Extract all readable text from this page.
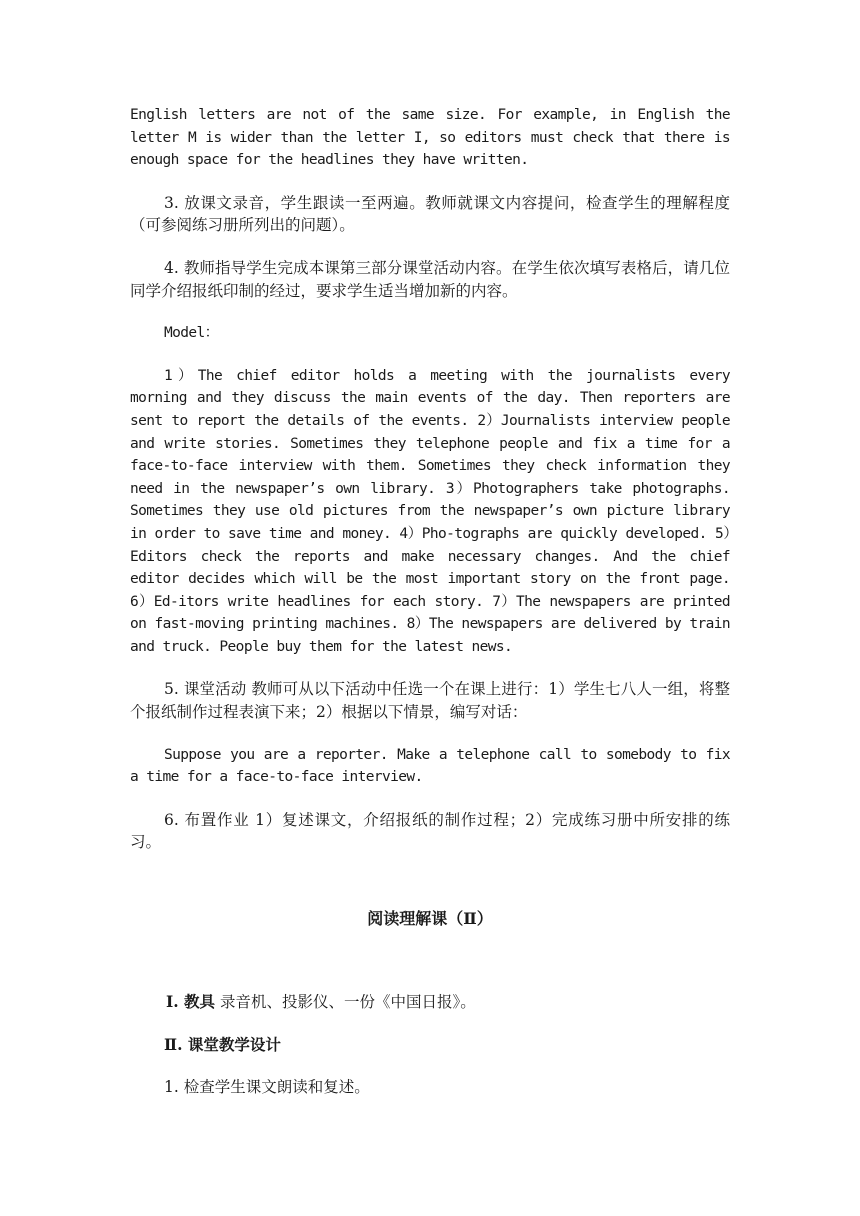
English letters are not of the same size. For example, in English the letter M is wider than the letter I, so editors must check that there is enough space for the headlines they have written.

3. 放课文录音，学生跟读一至两遍。教师就课文内容提问，检查学生的理解程度（可参阅练习册所列出的问题）。

4. 教师指导学生完成本课第三部分课堂活动内容。在学生依次填写表格后，请几位同学介绍报纸印制的经过，要求学生适当增加新的内容。

Model：

1）The chief editor holds a meeting with the journalists every morning and they discuss the main events of the day. Then reporters are sent to report the details of the events. 2）Journalists interview people and write stories. Sometimes they telephone people and fix a time for a face-to-face interview with them. Sometimes they check information they need in the newspaper’s own library. 3）Photographers take photographs. Sometimes they use old pictures from the newspaper’s own picture library in order to save time and money. 4）Pho-tographs are quickly developed. 5）Editors check the reports and make necessary changes. And the chief editor decides which will be the most important story on the front page. 6）Ed-itors write headlines for each story. 7）The newspapers are printed on fast-moving printing machines. 8）The newspapers are delivered by train and truck. People buy them for the latest news.

5. 课堂活动 教师可从以下活动中任选一个在课上进行：1）学生七八人一组，将整个报纸制作过程表演下来；2）根据以下情景，编写对话：

Suppose you are a reporter. Make a telephone call to somebody to fix a time for a face-to-face interview.

6. 布置作业 1）复述课文，介绍报纸的制作过程；2）完成练习册中所安排的练习。

阅读理解课（Ⅱ）

Ⅰ. 教具 录音机、投影仪、一份《中国日报》。

Ⅱ. 课堂教学设计

1. 检查学生课文朗读和复述。
